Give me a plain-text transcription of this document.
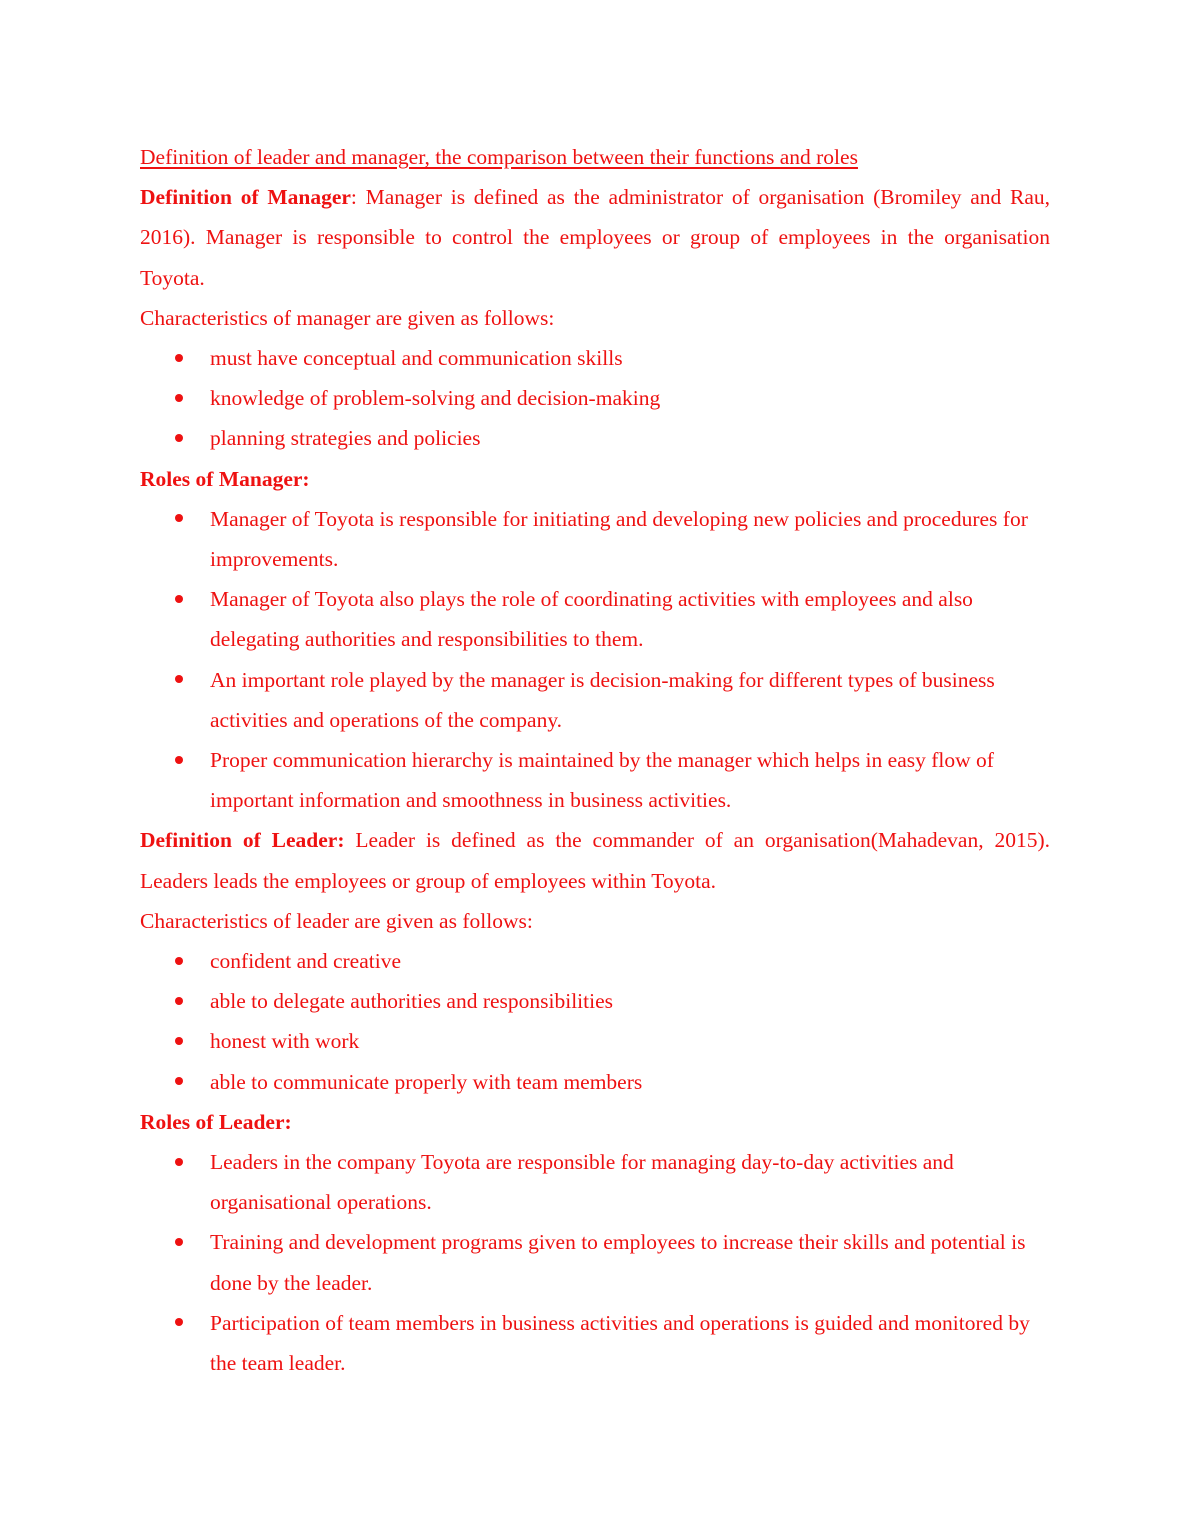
Definition of leader and manager, the comparison between their functions and roles

Definition of Manager: Manager is defined as the administrator of organisation (Bromiley and Rau, 2016). Manager is responsible to control the employees or group of employees in the organisation Toyota.

Characteristics of manager are given as follows:

must have conceptual and communication skills
knowledge of problem-solving and decision-making
planning strategies and policies

Roles of Manager:

Manager of Toyota is responsible for initiating and developing new policies and procedures for improvements.
Manager of Toyota also plays the role of coordinating activities with employees and also delegating authorities and responsibilities to them.
An important role played by the manager is decision-making for different types of business activities and operations of the company.
Proper communication hierarchy is maintained by the manager which helps in easy flow of important information and smoothness in business activities.

Definition of Leader: Leader is defined as the commander of an organisation(Mahadevan, 2015). Leaders leads the employees or group of employees within Toyota.

Characteristics of leader are given as follows:

confident and creative
able to delegate authorities and responsibilities
honest with work
able to communicate properly with team members

Roles of Leader:

Leaders in the company Toyota are responsible for managing day-to-day activities and organisational operations.
Training and development programs given to employees to increase their skills and potential is done by the leader.
Participation of team members in business activities and operations is guided and monitored by the team leader.
